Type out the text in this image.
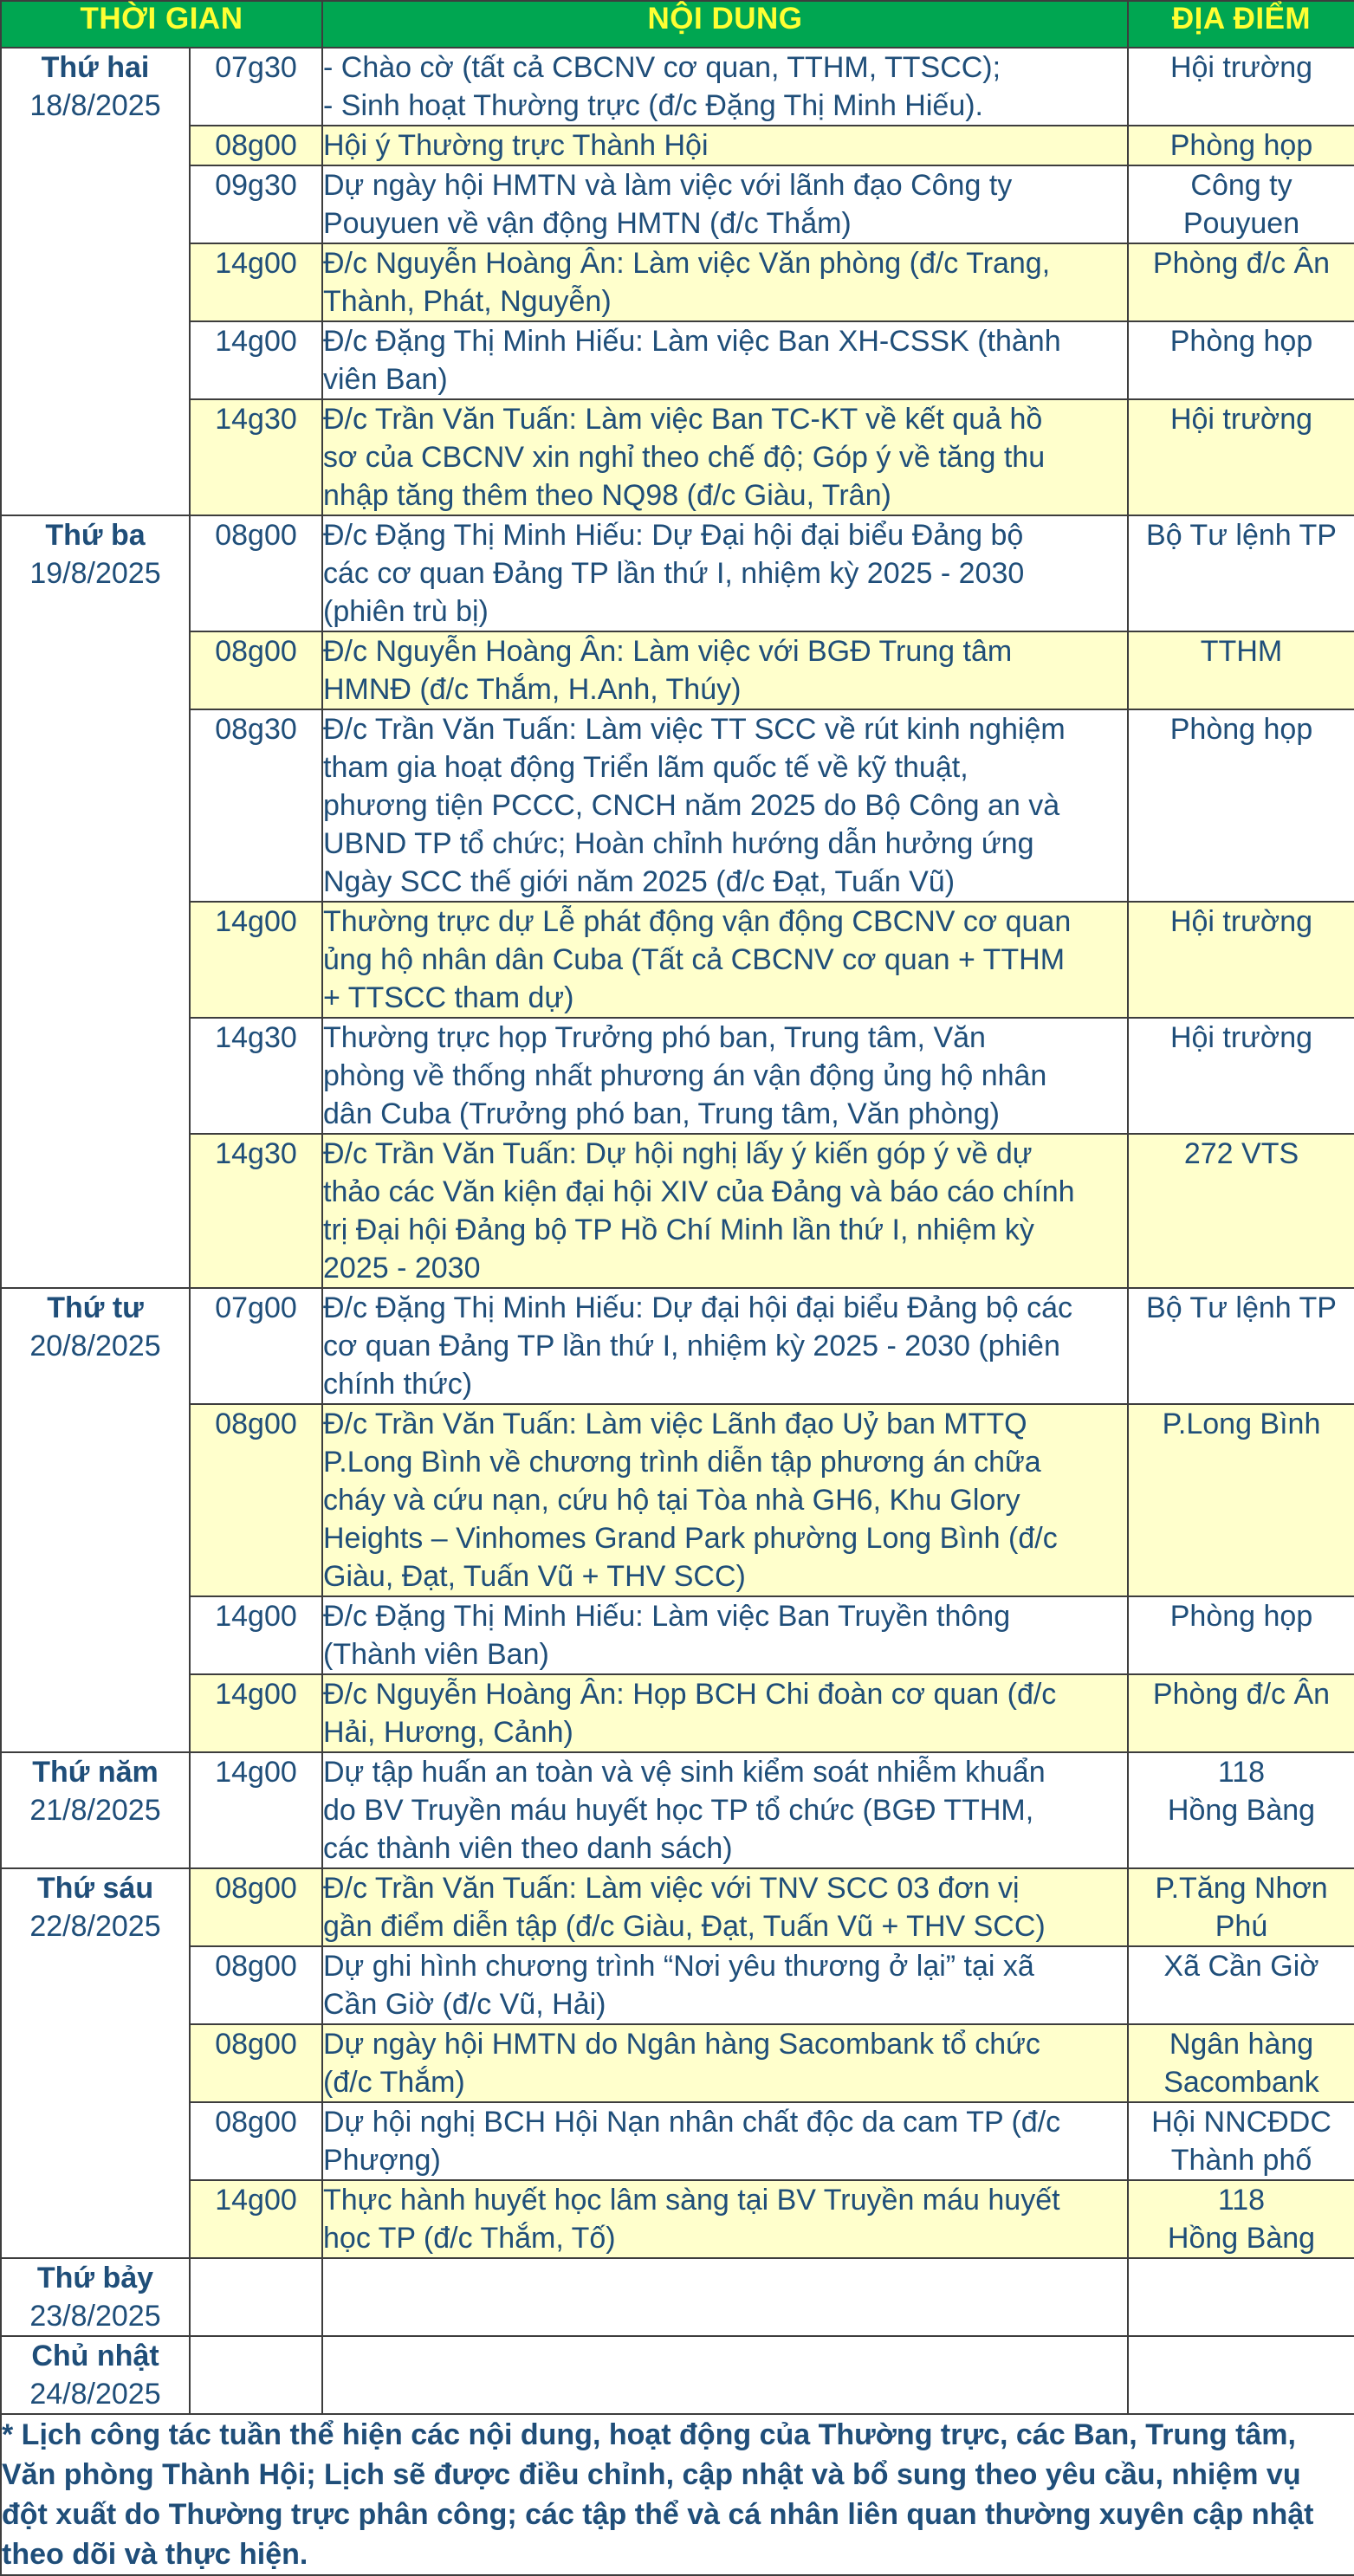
THỜI GIAN		NỘI DUNG	ĐỊA ĐIỂM

Thứ hai
18/8/2025	07g30	- Chào cờ (tất cả CBCNV cơ quan, TTHM, TTSCC);
- Sinh hoạt Thường trực (đ/c Đặng Thị Minh Hiếu).	Hội trường
	08g00	Hội ý Thường trực Thành Hội	Phòng họp
	09g30	Dự ngày hội HMTN và làm việc với lãnh đạo Công ty
Pouyuen về vận động HMTN (đ/c Thắm)	Công ty
Pouyuen
	14g00	Đ/c Nguyễn Hoàng Ân: Làm việc Văn phòng (đ/c Trang,
Thành, Phát, Nguyễn)	Phòng đ/c Ân
	14g00	Đ/c Đặng Thị Minh Hiếu: Làm việc Ban XH-CSSK (thành
viên Ban)	Phòng họp
	14g30	Đ/c Trần Văn Tuấn: Làm việc Ban TC-KT về kết quả hồ
sơ của CBCNV xin nghỉ theo chế độ; Góp ý về tăng thu
nhập tăng thêm theo NQ98 (đ/c Giàu, Trân)	Hội trường

Thứ ba
19/8/2025	08g00	Đ/c Đặng Thị Minh Hiếu: Dự Đại hội đại biểu Đảng bộ
các cơ quan Đảng TP lần thứ I, nhiệm kỳ 2025 - 2030
(phiên trù bị)	Bộ Tư lệnh TP
	08g00	Đ/c Nguyễn Hoàng Ân: Làm việc với BGĐ Trung tâm
HMNĐ (đ/c Thắm, H.Anh, Thúy)	TTHM
	08g30	Đ/c Trần Văn Tuấn: Làm việc TT SCC về rút kinh nghiệm
tham gia hoạt động Triển lãm quốc tế về kỹ thuật,
phương tiện PCCC, CNCH năm 2025 do Bộ Công an và
UBND TP tổ chức; Hoàn chỉnh hướng dẫn hưởng ứng
Ngày SCC thế giới năm 2025 (đ/c Đạt, Tuấn Vũ)	Phòng họp
	14g00	Thường trực dự Lễ phát động vận động CBCNV cơ quan
ủng hộ nhân dân Cuba (Tất cả CBCNV cơ quan + TTHM
+ TTSCC tham dự)	Hội trường
	14g30	Thường trực họp Trưởng phó ban, Trung tâm, Văn
phòng về thống nhất phương án vận động ủng hộ nhân
dân Cuba (Trưởng phó ban, Trung tâm, Văn phòng)	Hội trường
	14g30	Đ/c Trần Văn Tuấn: Dự hội nghị lấy ý kiến góp ý về dự
thảo các Văn kiện đại hội XIV của Đảng và báo cáo chính
trị Đại hội Đảng bộ TP Hồ Chí Minh lần thứ I, nhiệm kỳ
2025 - 2030	272 VTS

Thứ tư
20/8/2025	07g00	Đ/c Đặng Thị Minh Hiếu: Dự đại hội đại biểu Đảng bộ các
cơ quan Đảng TP lần thứ I, nhiệm kỳ 2025 - 2030 (phiên
chính thức)	Bộ Tư lệnh TP
	08g00	Đ/c Trần Văn Tuấn: Làm việc Lãnh đạo Uỷ ban MTTQ
P.Long Bình về chương trình diễn tập phương án chữa
cháy và cứu nạn, cứu hộ tại Tòa nhà GH6, Khu Glory
Heights – Vinhomes Grand Park phường Long Bình (đ/c
Giàu, Đạt, Tuấn Vũ + THV SCC)	P.Long Bình
	14g00	Đ/c Đặng Thị Minh Hiếu: Làm việc Ban Truyền thông
(Thành viên Ban)	Phòng họp
	14g00	Đ/c Nguyễn Hoàng Ân: Họp BCH Chi đoàn cơ quan (đ/c
Hải, Hương, Cảnh)	Phòng đ/c Ân

Thứ năm
21/8/2025	14g00	Dự tập huấn an toàn và vệ sinh kiểm soát nhiễm khuẩn
do BV Truyền máu huyết học TP tổ chức (BGĐ TTHM,
các thành viên theo danh sách)	118
Hồng Bàng

Thứ sáu
22/8/2025	08g00	Đ/c Trần Văn Tuấn: Làm việc với TNV SCC 03 đơn vị
gần điểm diễn tập (đ/c Giàu, Đạt, Tuấn Vũ + THV SCC)	P.Tăng Nhơn
Phú
	08g00	Dự ghi hình chương trình “Nơi yêu thương ở lại” tại xã
Cần Giờ (đ/c Vũ, Hải)	Xã Cần Giờ
	08g00	Dự ngày hội HMTN do Ngân hàng Sacombank tổ chức
(đ/c Thắm)	Ngân hàng
Sacombank
	08g00	Dự hội nghị BCH Hội Nạn nhân chất độc da cam TP (đ/c
Phượng)	Hội NNCĐDC
Thành phố
	14g00	Thực hành huyết học lâm sàng tại BV Truyền máu huyết
học TP (đ/c Thắm, Tố)	118
Hồng Bàng

Thứ bảy
23/8/2025			

Chủ nhật
24/8/2025			

* Lịch công tác tuần thể hiện các nội dung, hoạt động của Thường trực, các Ban, Trung tâm, Văn phòng Thành Hội; Lịch sẽ được điều chỉnh, cập nhật và bổ sung theo yêu cầu, nhiệm vụ đột xuất do Thường trực phân công; các tập thể và cá nhân liên quan thường xuyên cập nhật theo dõi và thực hiện.			
